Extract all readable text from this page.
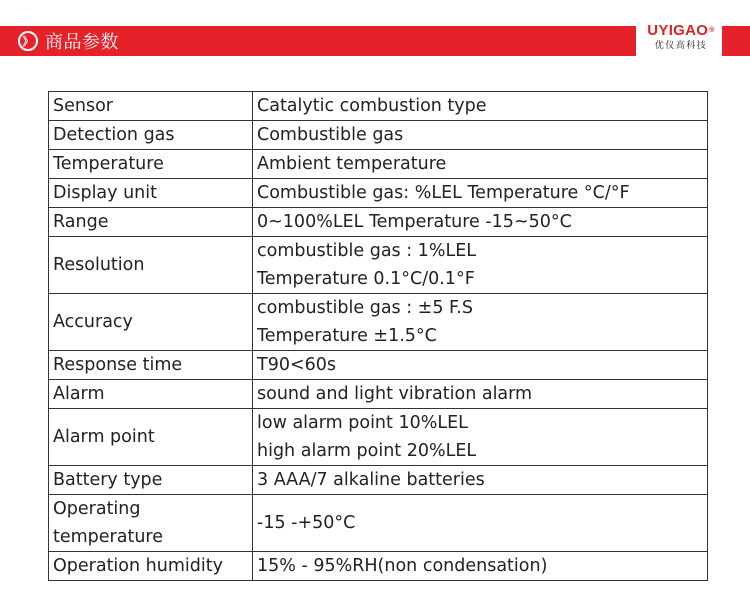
》 商品参数
UYIGAO®
优仪高科技
Sensor	Catalytic combustion type

Detection gas	Combustible gas

Temperature	Ambient temperature

Display unit	Combustible gas: %LEL Temperature °C/°F

Range	0~100%LEL Temperature -15~50°C

Resolution	combustible gas : 1%LEL
Temperature 0.1°C/0.1°F

Accuracy	combustible gas : ±5 F.S
Temperature ±1.5°C

Response time	T90<60s

Alarm	sound and light vibration alarm

Alarm point	low alarm point 10%LEL
high alarm point 20%LEL

Battery type	3 AAA/7 alkaline batteries

Operating temperature	-15 -+50°C

Operation humidity	15% - 95%RH(non condensation)
